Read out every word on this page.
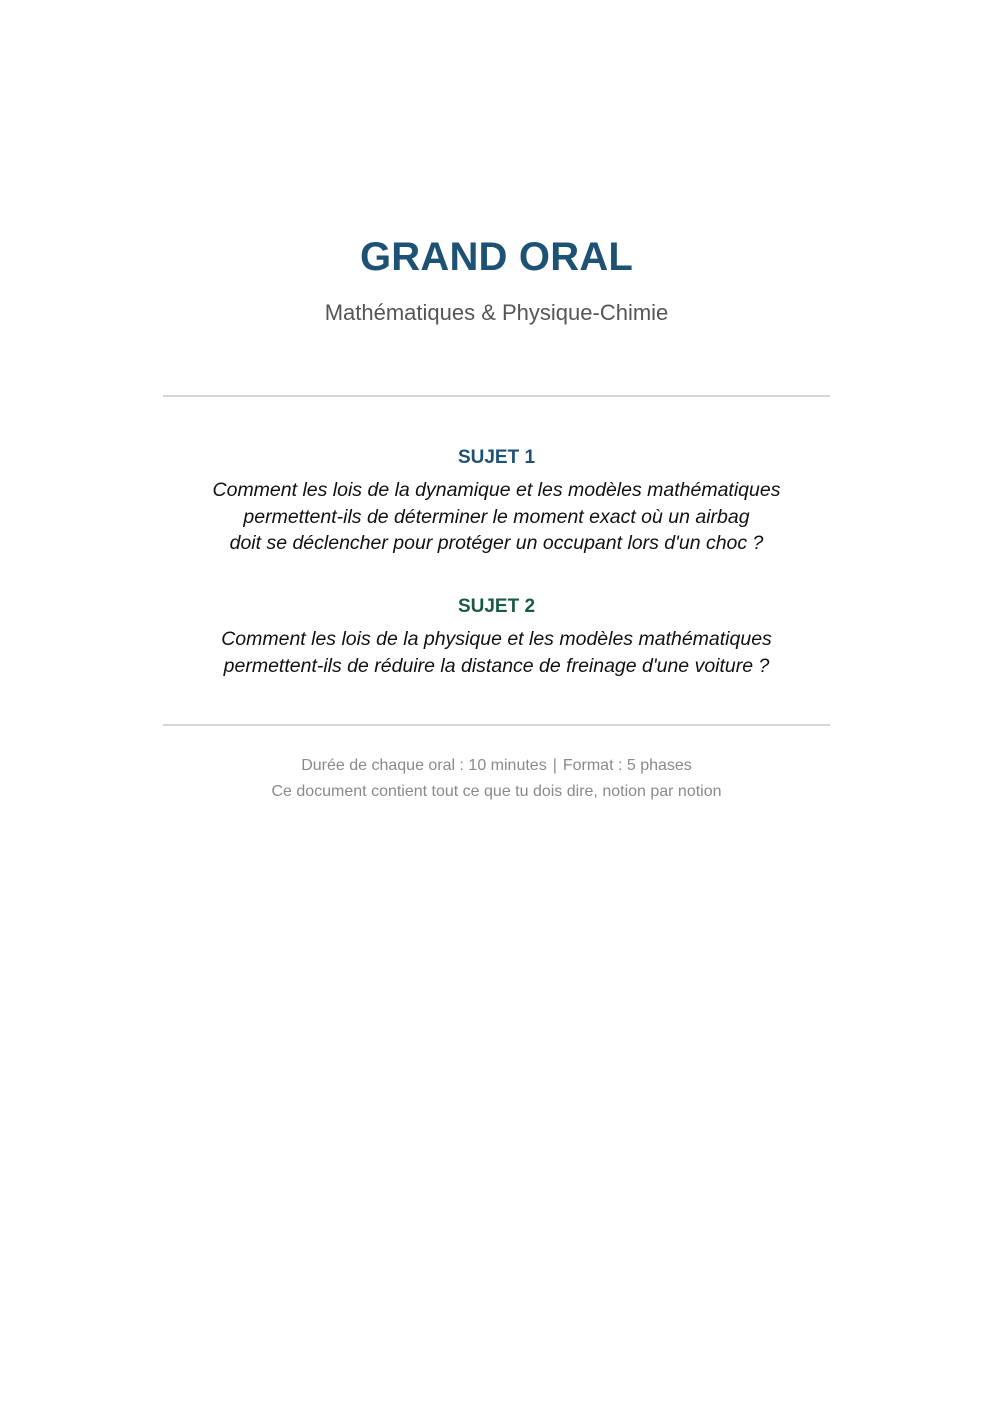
GRAND ORAL
Mathématiques & Physique-Chimie
SUJET 1
Comment les lois de la dynamique et les modèles mathématiques
permettent-ils de déterminer le moment exact où un airbag
doit se déclencher pour protéger un occupant lors d'un choc ?
SUJET 2
Comment les lois de la physique et les modèles mathématiques
permettent-ils de réduire la distance de freinage d'une voiture ?
Durée de chaque oral : 10 minutes | Format : 5 phases
Ce document contient tout ce que tu dois dire, notion par notion
